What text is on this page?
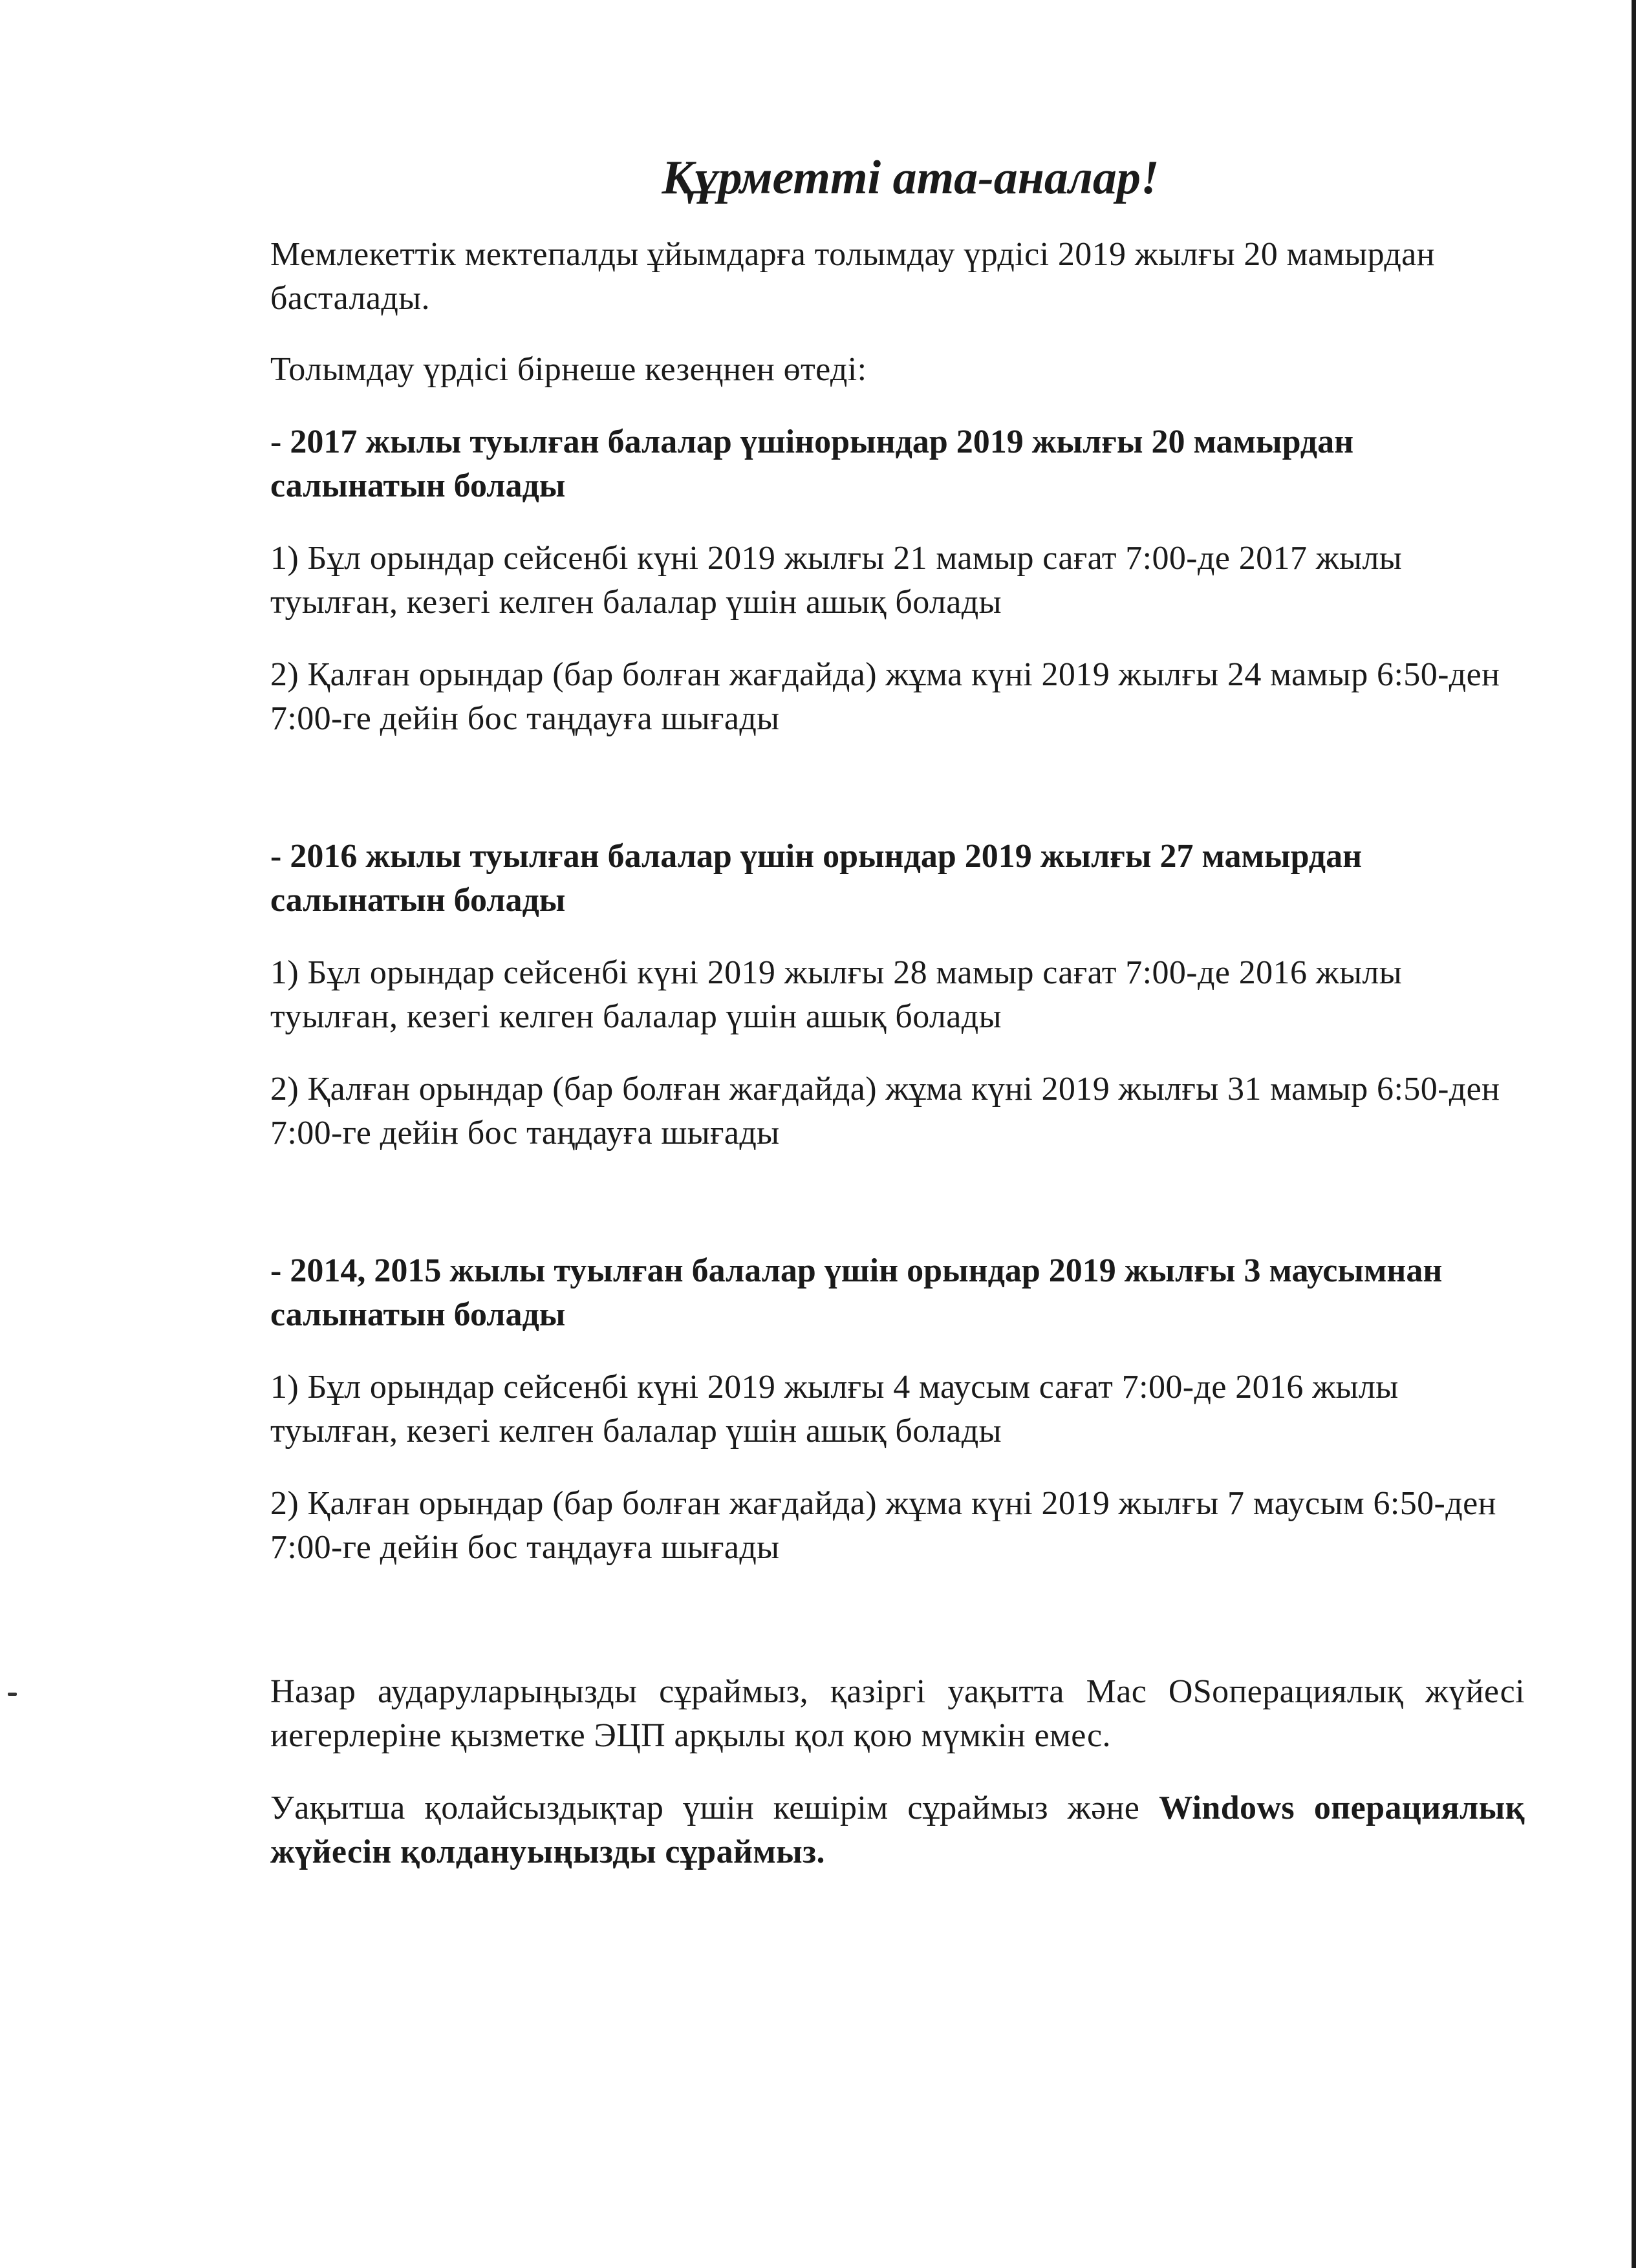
Құрметті ата-аналар!

Мемлекеттік мектепалды ұйымдарға толымдау үрдісі 2019 жылғы 20 мамырдан басталады.

Толымдау үрдісі бірнеше кезеңнен өтеді:

- 2017 жылы туылған балалар үшінорындар 2019 жылғы 20 мамырдан салынатын болады

1) Бұл орындар сейсенбі күні 2019 жылғы 21 мамыр сағат 7:00-де 2017 жылы туылған, кезегі келген балалар үшін ашық болады

2) Қалған орындар (бар болған жағдайда) жұма күні 2019 жылғы 24 мамыр 6:50-ден 7:00-ге дейін бос таңдауға шығады

- 2016 жылы туылған балалар үшін орындар 2019 жылғы 27 мамырдан салынатын болады

1) Бұл орындар сейсенбі күні 2019 жылғы 28 мамыр сағат 7:00-де 2016 жылы туылған, кезегі келген балалар үшін ашық болады

2) Қалған орындар (бар болған жағдайда) жұма күні 2019 жылғы 31 мамыр 6:50-ден 7:00-ге дейін бос таңдауға шығады

- 2014, 2015 жылы туылған балалар үшін орындар 2019 жылғы 3 маусымнан салынатын болады

1) Бұл орындар сейсенбі күні 2019 жылғы 4 маусым сағат 7:00-де 2016 жылы туылған, кезегі келген балалар үшін ашық болады

2) Қалған орындар (бар болған жағдайда) жұма күні 2019 жылғы 7 маусым 6:50-ден 7:00-ге дейін бос таңдауға шығады

Назар аударуларыңызды сұраймыз, қазіргі уақытта Mac OSоперациялық жүйесі иегерлеріне қызметке ЭЦП арқылы қол қою мүмкін емес.

Уақытша қолайсыздықтар үшін кешірім сұраймыз және Windows операциялық жүйесін қолдануыңызды сұраймыз.
